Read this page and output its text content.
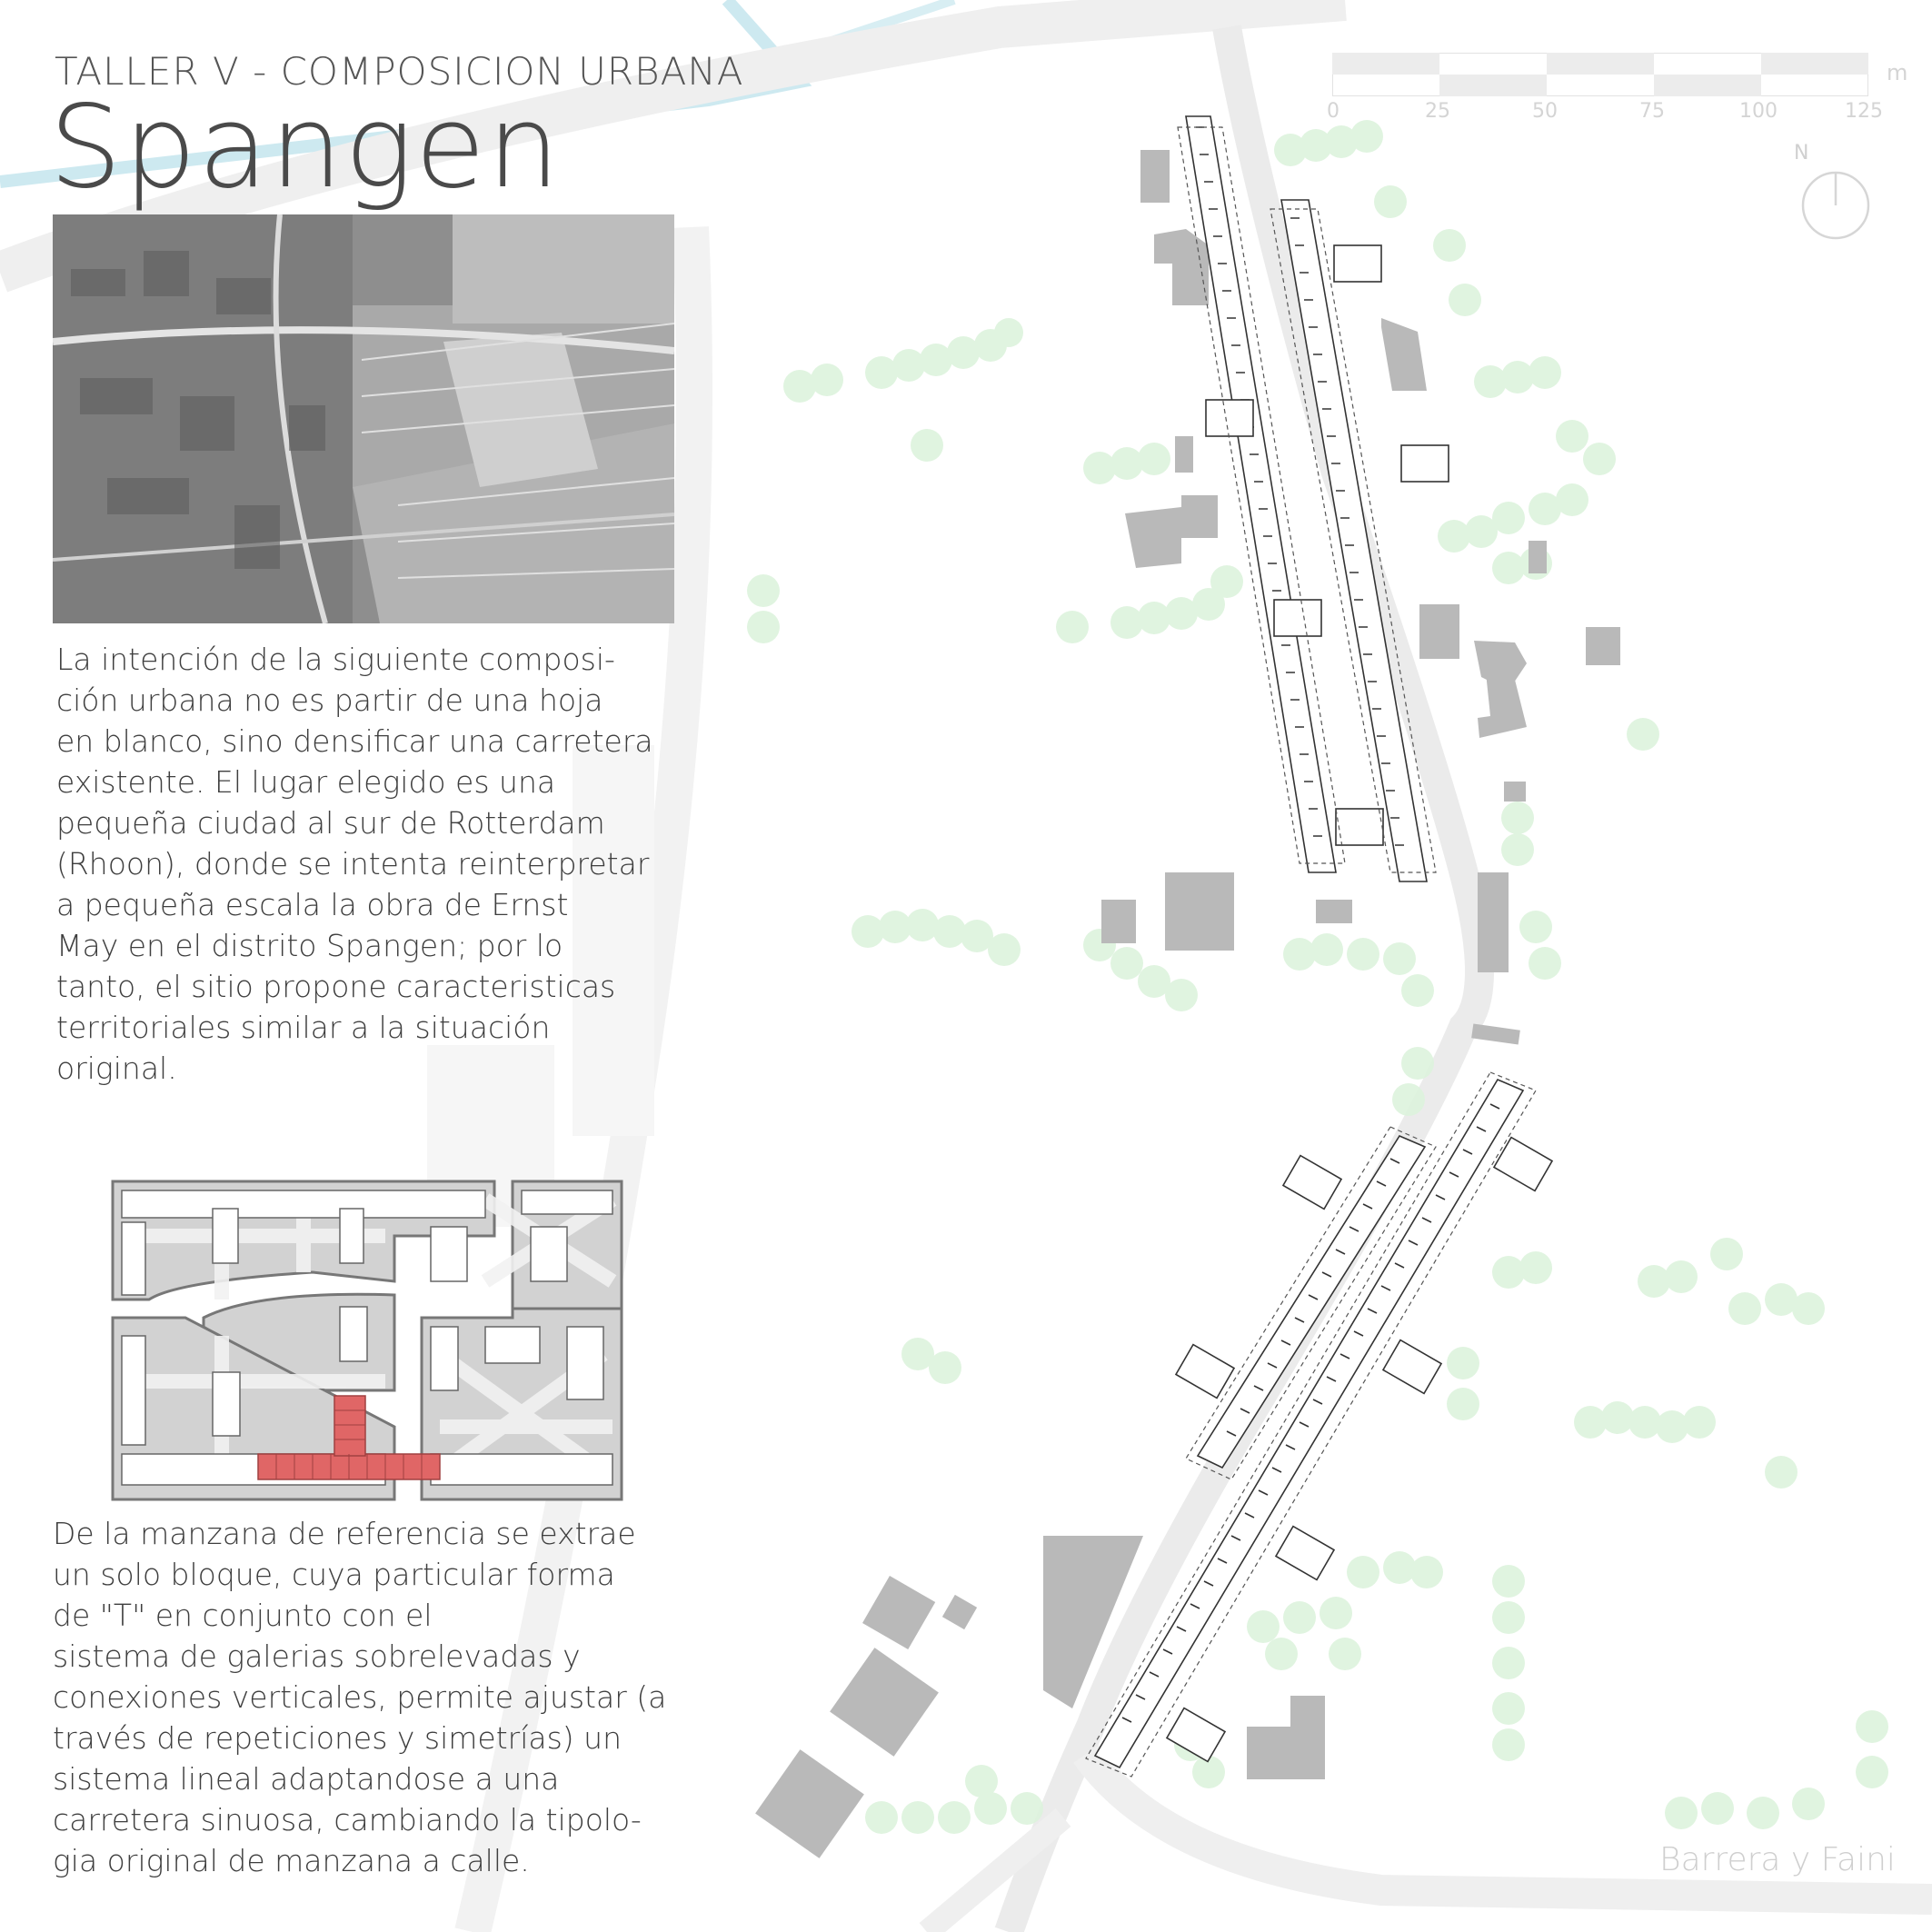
TALLER V - COMPOSICION URBANA
Spangen

La intención de la siguiente composi-
ción urbana no es partir de una hoja
en blanco, sino densificar una carretera
existente. El lugar elegido es una
pequeña ciudad al sur de Rotterdam
(Rhoon), donde se intenta reinterpretar
a pequeña escala la obra de Ernst
May en el distrito Spangen; por lo
tanto, el sitio propone caracteristicas
territoriales similar a la situación
original.

De la manzana de referencia se extrae
un solo bloque, cuya particular forma
de "T" en conjunto con el
sistema de galerias sobrelevadas y
conexiones verticales, permite ajustar (a
través de repeticiones y simetrías) un
sistema lineal adaptandose a una
carretera sinuosa, cambiando la tipolo-
gia original de manzana a calle.

m
0	25	50	75	100	125
N
Barrera y Faini
